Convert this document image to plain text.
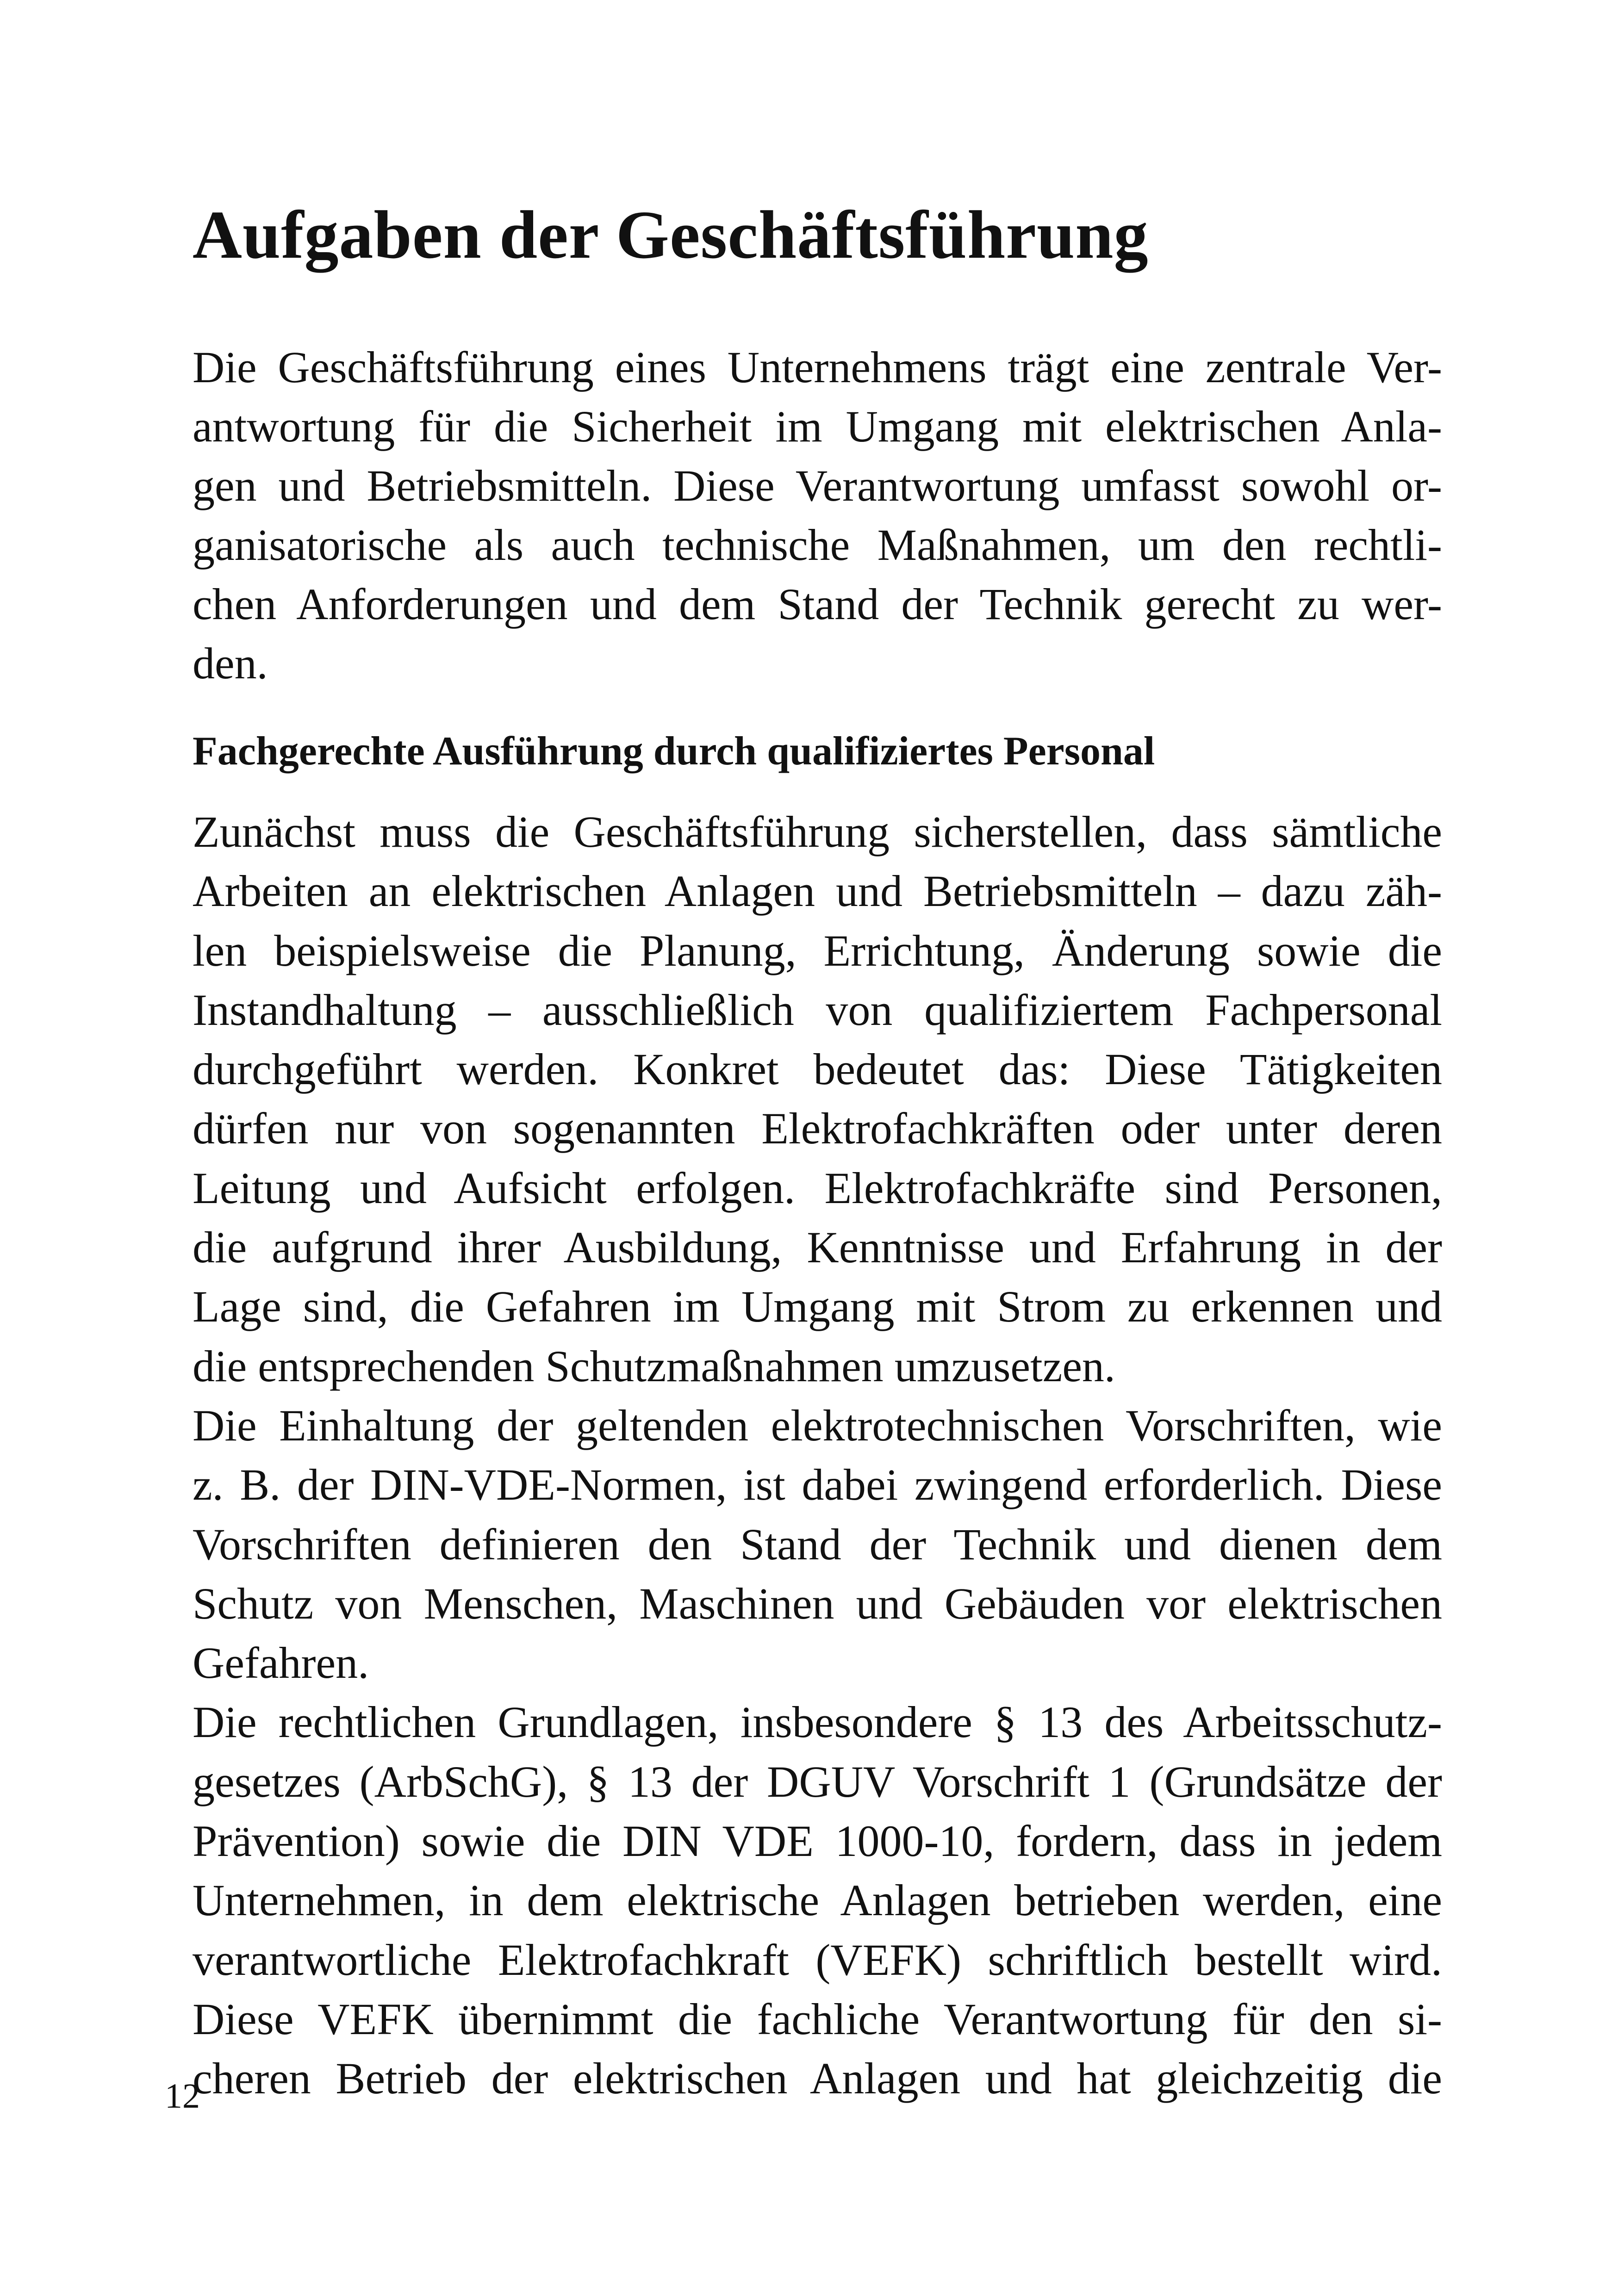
Aufgaben der Geschäftsführung
Die Geschäftsführung eines Unternehmens trägt eine zentrale Ver-
antwortung für die Sicherheit im Umgang mit elektrischen Anla-
gen und Betriebsmitteln. Diese Verantwortung umfasst sowohl or-
ganisatorische als auch technische Maßnahmen, um den rechtli-
chen Anforderungen und dem Stand der Technik gerecht zu wer-
den.
Fachgerechte Ausführung durch qualifiziertes Personal
Zunächst muss die Geschäftsführung sicherstellen, dass sämtliche
Arbeiten an elektrischen Anlagen und Betriebsmitteln – dazu zäh-
len beispielsweise die Planung, Errichtung, Änderung sowie die
Instandhaltung – ausschließlich von qualifiziertem Fachpersonal
durchgeführt werden. Konkret bedeutet das: Diese Tätigkeiten
dürfen nur von sogenannten Elektrofachkräften oder unter deren
Leitung und Aufsicht erfolgen. Elektrofachkräfte sind Personen,
die aufgrund ihrer Ausbildung, Kenntnisse und Erfahrung in der
Lage sind, die Gefahren im Umgang mit Strom zu erkennen und
die entsprechenden Schutzmaßnahmen umzusetzen.
Die Einhaltung der geltenden elektrotechnischen Vorschriften, wie
z. B. der DIN-VDE-Normen, ist dabei zwingend erforderlich. Diese
Vorschriften definieren den Stand der Technik und dienen dem
Schutz von Menschen, Maschinen und Gebäuden vor elektrischen
Gefahren.
Die rechtlichen Grundlagen, insbesondere § 13 des Arbeitsschutz-
gesetzes (ArbSchG), § 13 der DGUV Vorschrift 1 (Grundsätze der
Prävention) sowie die DIN VDE 1000-10, fordern, dass in jedem
Unternehmen, in dem elektrische Anlagen betrieben werden, eine
verantwortliche Elektrofachkraft (VEFK) schriftlich bestellt wird.
Diese VEFK übernimmt die fachliche Verantwortung für den si-
cheren Betrieb der elektrischen Anlagen und hat gleichzeitig die
12
